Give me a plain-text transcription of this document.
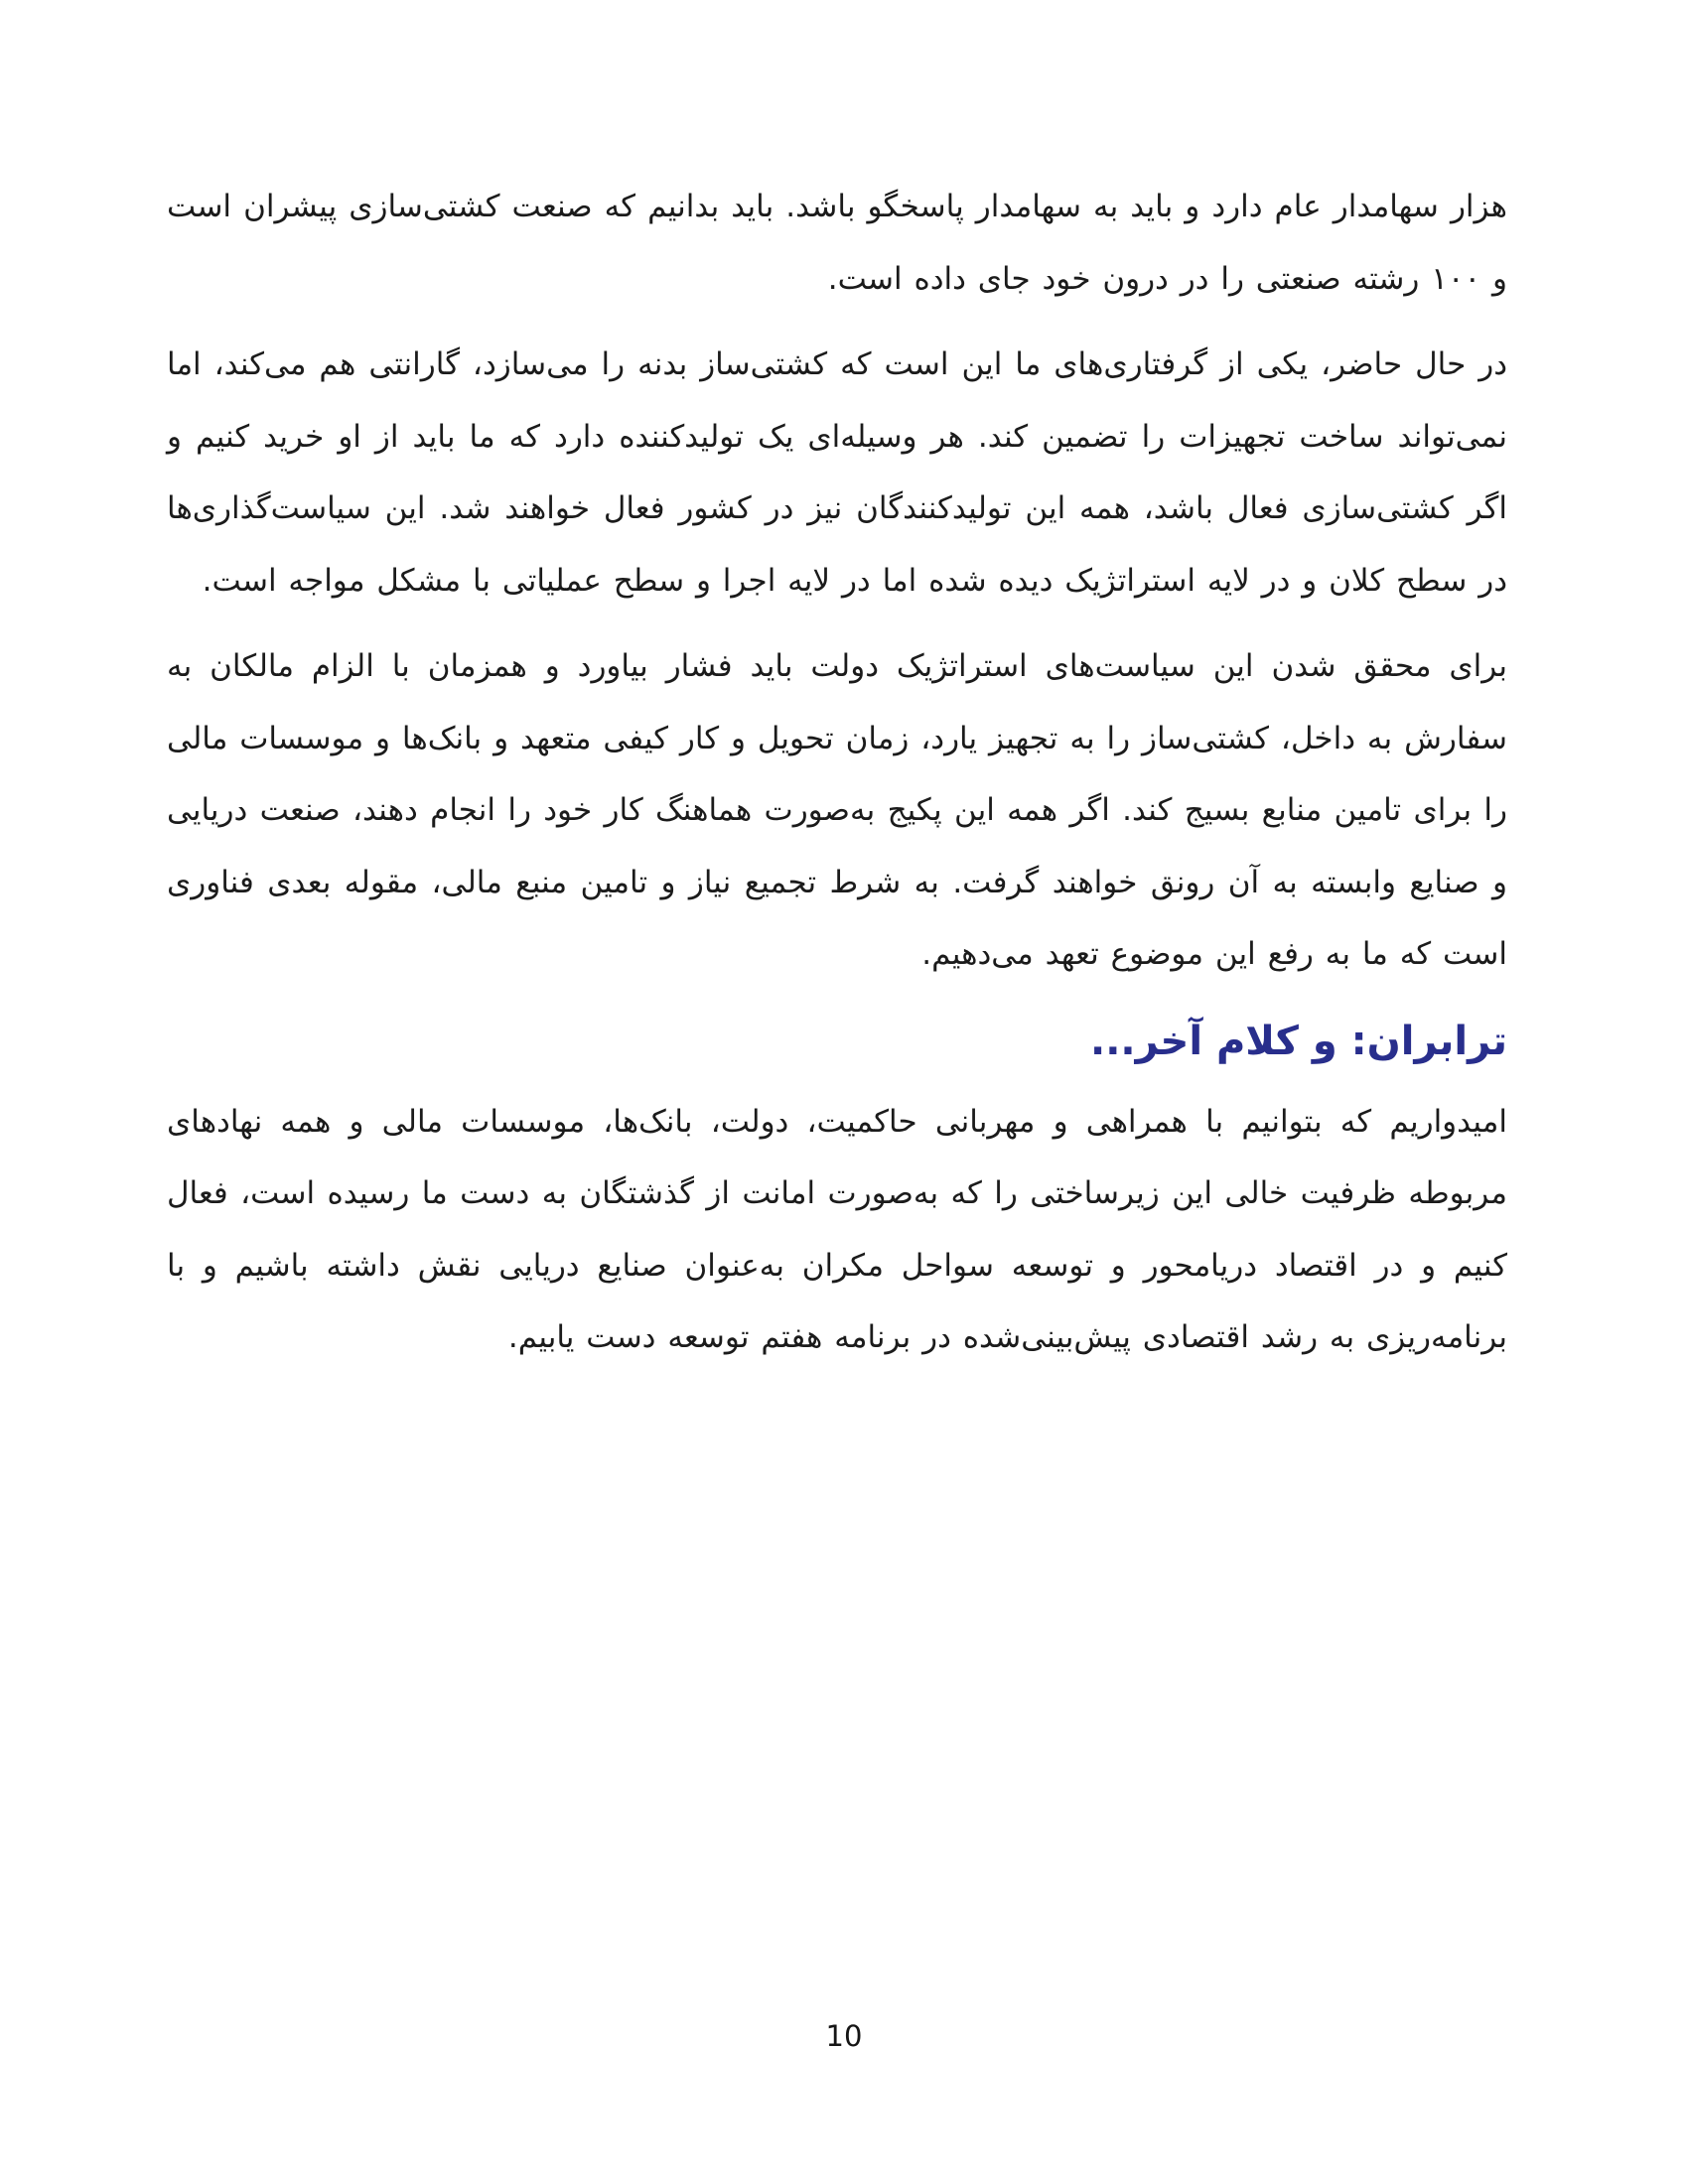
هزار سهامدار عام دارد و باید به سهامدار پاسخگو باشد. باید بدانیم که صنعت کشتی‌سازی پیشران است و ۱۰۰ رشته صنعتی را در درون خود جای داده است.

در حال حاضر، یکی از گرفتاری‌های ما این است که کشتی‌ساز بدنه را می‌سازد، گارانتی هم می‌کند، اما نمی‌تواند ساخت تجهیزات را تضمین کند. هر وسیله‌ای یک تولیدکننده دارد که ما باید از او خرید کنیم و اگر کشتی‌سازی فعال باشد، همه این تولیدکنندگان نیز در کشور فعال خواهند شد. این سیاست‌گذاری‌ها در سطح کلان و در لایه استراتژیک دیده شده اما در لایه اجرا و سطح عملیاتی با مشکل مواجه است.

برای محقق شدن این سیاست‌های استراتژیک دولت باید فشار بیاورد و همزمان با الزام مالکان به سفارش به داخل، کشتی‌ساز را به تجهیز یارد، زمان تحویل و کار کیفی متعهد و بانک‌ها و موسسات مالی را برای تامین منابع بسیج کند. اگر همه این پکیج به‌صورت هماهنگ کار خود را انجام دهند، صنعت دریایی و صنایع وابسته به آن رونق خواهند گرفت. به شرط تجمیع نیاز و تامین منبع مالی، مقوله بعدی فناوری است که ما به رفع این موضوع تعهد می‌دهیم.

ترابران: و کلام آخر...

امیدواریم که بتوانیم با همراهی و مهربانی حاکمیت، دولت، بانک‌ها، موسسات مالی و همه نهادهای مربوطه ظرفیت خالی این زیرساختی را که به‌صورت امانت از گذشتگان به دست ما رسیده است، فعال کنیم و در اقتصاد دریامحور و توسعه سواحل مکران به‌عنوان صنایع دریایی نقش داشته باشیم و با برنامه‌ریزی به رشد اقتصادی پیش‌بینی‌شده در برنامه هفتم توسعه دست یابیم.

10
